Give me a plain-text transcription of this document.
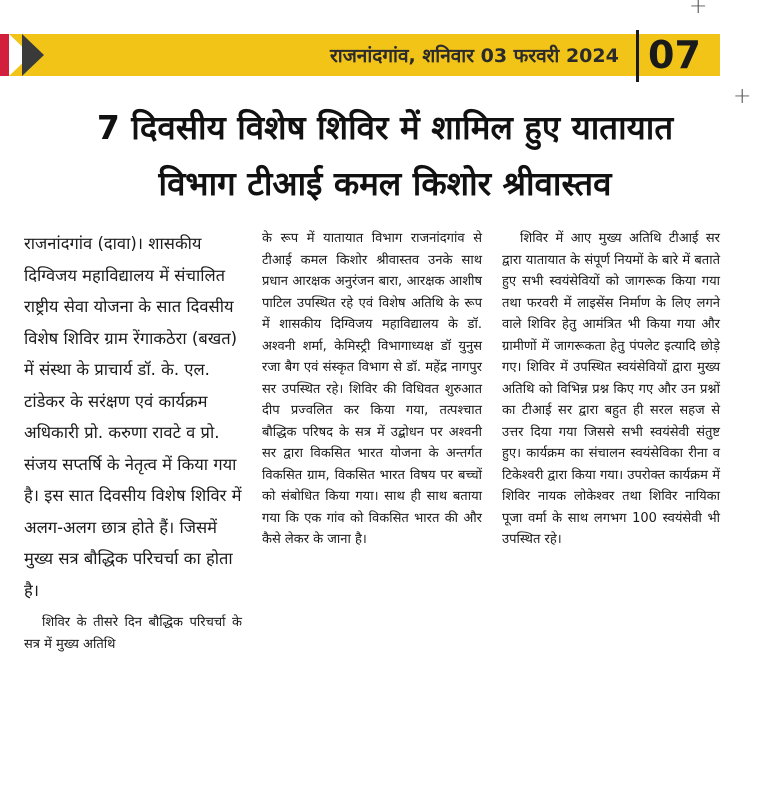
राजनांदगांव, शनिवार 03 फरवरी 2024 07
+
+
7 दिवसीय विशेष शिविर में शामिल हुए यातायात
विभाग टीआई कमल किशोर श्रीवास्तव

राजनांदगांव (दावा)। शासकीय दिग्विजय महाविद्यालय में संचालित राष्ट्रीय सेवा योजना के सात दिवसीय विशेष शिविर ग्राम रेंगाकठेरा (बखत) में संस्था के प्राचार्य डॉ. के. एल. टांडेकर के सरंक्षण एवं कार्यक्रम अधिकारी प्रो. करुणा रावटे व प्रो. संजय सप्तर्षि के नेतृत्व में किया गया है। इस सात दिवसीय विशेष शिविर में अलग-अलग छात्र होते हैं। जिसमें मुख्य सत्र बौद्धिक परिचर्चा का होता है।

शिविर के तीसरे दिन बौद्धिक परिचर्चा के सत्र में मुख्य अतिथि

के रूप में यातायात विभाग राजनांदगांव से टीआई कमल किशोर श्रीवास्तव उनके साथ प्रधान आरक्षक अनुरंजन बारा, आरक्षक आशीष पाटिल उपस्थित रहे एवं विशेष अतिथि के रूप में शासकीय दिग्विजय महाविद्यालय के डॉ. अश्वनी शर्मा, केमिस्ट्री विभागाध्यक्ष डॉ युनुस रजा बैग एवं संस्कृत विभाग से डॉ. महेंद्र नागपुर सर उपस्थित रहे। शिविर की विधिवत शुरुआत दीप प्रज्वलित कर किया गया, तत्पश्चात बौद्धिक परिषद के सत्र में उद्बोधन पर अश्वनी सर द्वारा विकसित भारत योजना के अन्तर्गत विकसित ग्राम, विकसित भारत विषय पर बच्चों को संबोधित किया गया। साथ ही साथ बताया गया कि एक गांव को विकसित भारत की और कैसे लेकर के जाना है।

शिविर में आए मुख्य अतिथि टीआई सर द्वारा यातायात के संपूर्ण नियमों के बारे में बताते हुए सभी स्वयंसेवियों को जागरूक किया गया तथा फरवरी में लाइसेंस निर्माण के लिए लगने वाले शिविर हेतु आमंत्रित भी किया गया और ग्रामीणों में जागरूकता हेतु पंपलेट इत्यादि छोड़े गए। शिविर में उपस्थित स्वयंसेवियों द्वारा मुख्य अतिथि को विभिन्न प्रश्न किए गए और उन प्रश्नों का टीआई सर द्वारा बहुत ही सरल सहज से उत्तर दिया गया जिससे सभी स्वयंसेवी संतुष्ट हुए। कार्यक्रम का संचालन स्वयंसेविका रीना व टिकेश्वरी द्वारा किया गया। उपरोक्त कार्यक्रम में शिविर नायक लोकेश्वर तथा शिविर नायिका पूजा वर्मा के साथ लगभग 100 स्वयंसेवी भी उपस्थित रहे।
